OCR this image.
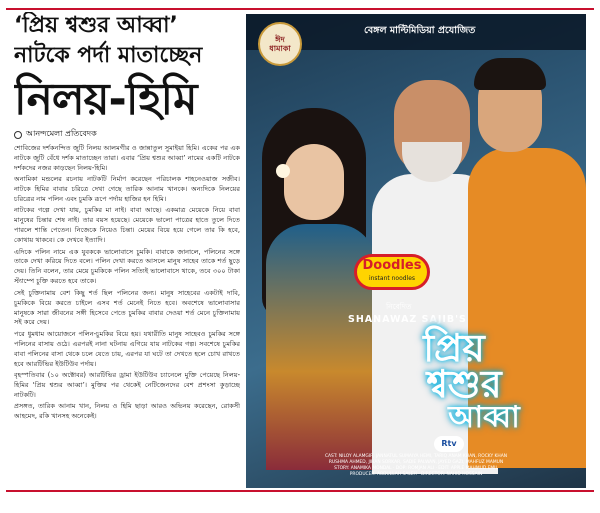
‘প্রিয় শ্বশুর আব্বা’
নাটকে পর্দা মাতাচ্ছেন
নিলয়-হিমি
আনন্দমেলা প্রতিবেদক

শোবিজের দর্শকনন্দিত জুটি নিলয় আলমগীর ও জান্নাতুল সুমাইয়া হিমি। একের পর এক নাটকে জুটি বেঁধে দর্শক মাতাচ্ছেন তারা। এবার ‘প্রিয় শ্বশুর আব্বা’ নামের একটি নাটকে দর্শকদের নজর কাড়ছেন নিলয়-হিমি।

অনামিকা মন্ডলের রচনায় নাটকটি নির্মাণ করেছেন পরিচালক শাহনেওয়াজ সজীব। নাটকে হিমির বাবার চরিত্রে দেখা গেছে তারিক আনাম খানকে। অন্যদিকে নিলয়ের চরিত্রের নাম পলিন এবং চুমকি রূপে পর্দায় হাজির হন হিমি।

নাটকের গল্পে দেখা যায়, চুমকির মা নাই। বাবা আছে। একমাত্র মেয়েকে নিয়ে বাবা মানুষের চিন্তার শেষ নাই। তার বয়স হয়েছে। মেয়েকে ভালো পাত্রের হাতে তুলে দিতে পারলে শান্তি পেতেন। নিজেকে নিয়েও চিন্তা। মেয়ের বিয়ে হয়ে গেলে তার কি হবে, কোথায় থাকবে। কে দেখবে ইত্যাদি।

এদিকে পলিন নামে এক যুবককে ভালোবাসে চুমকি। বাবাকে জানালে, পলিনের সঙ্গে তাকে দেখা করিয়ে দিতে বলে। পলিন দেখা করতে আসলে মানুষ সাহেব তাকে শর্ত ছুড়ে দেয়। তিনি বলেন, তার মেয়ে চুমকিকে পলিন সত্যিই ভালোবাসে থাকে, তবে ৩০০ টাকা স্ট্যাম্পে চুক্তি করতে হবে তাকে।

সেই চুক্তিনামায় বেশ কিছু শর্ত ছিল পলিনের জন্য। মানুষ সাহেবের একটাই দাবি, চুমকিকে বিয়ে করতে চাইলে এসব শর্ত মেনেই নিতে হবে। অবশেষে ভালোবাসার মানুষকে সারা জীবনের সঙ্গী হিসেবে পেতে চুমকির বাবার দেওয়া শর্ত মেনে চুক্তিনামায় সই করে দেয়।

পরে ধুমধাম আয়োজনে পলিন-চুমকির বিয়ে হয়। যথারীতি মানুষ সাহেবও চুমকির সঙ্গে পলিনের বাসায় ওঠে। এরপরই নানা ঘটনায় এগিয়ে যায় নাটকের গল্প। সবশেষে চুমকির বাবা পলিনের বাসা থেকে চলে যেতে চায়, এরপর যা ঘটে তা দেখতে হলে চোখ রাখতে হবে আরটিভির ইউটিউব পর্দায়।

বৃহস্পতিবার (১০ অক্টোবর) আরটিভির ড্রামা ইউটিউব চ্যানেলে মুক্তি পেয়েছে নিলয়-হিমির ‘প্রিয় শ্বশুর আব্বা’। মুক্তির পর থেকেই নেটিজেনদের বেশ প্রশংসা কুড়াচ্ছে নাটকটি।

প্রসঙ্গত, তারিক আনাম খান, নিলয় ও হিমি ছাড়া আরও অভিনয় করেছেন, রোকসী আহমেদ, রকি খানসহ অনেকেই।

বেঙ্গল মাল্টিমিডিয়া প্রযোজিত
ঈদ
ধামাকা
Doodles
instant noodles
নিবেদিত
SHANAWAZ SAJIB'S
প্রিয়
শ্বশুর
আব্বা
Rtv
CAST: NILOY ALAMGIR, JANNATUL SUMAIYA HEMI, TARIQ ANAM KHAN, ROCKY KHAN
RUSHMA AHMED, JIHAN SORKAR, SADIE PALWAN, JAYED GAZI, MAHFUZ MAMUN
STORY: ANAMIKA MONDAL · DOP: ROMJAN ALI · EDIT: APPLE MAHMUD EMIL
PRODUCER: ABDULLAH SALEH · DIRECTOR: NAHID HOSSAIN
